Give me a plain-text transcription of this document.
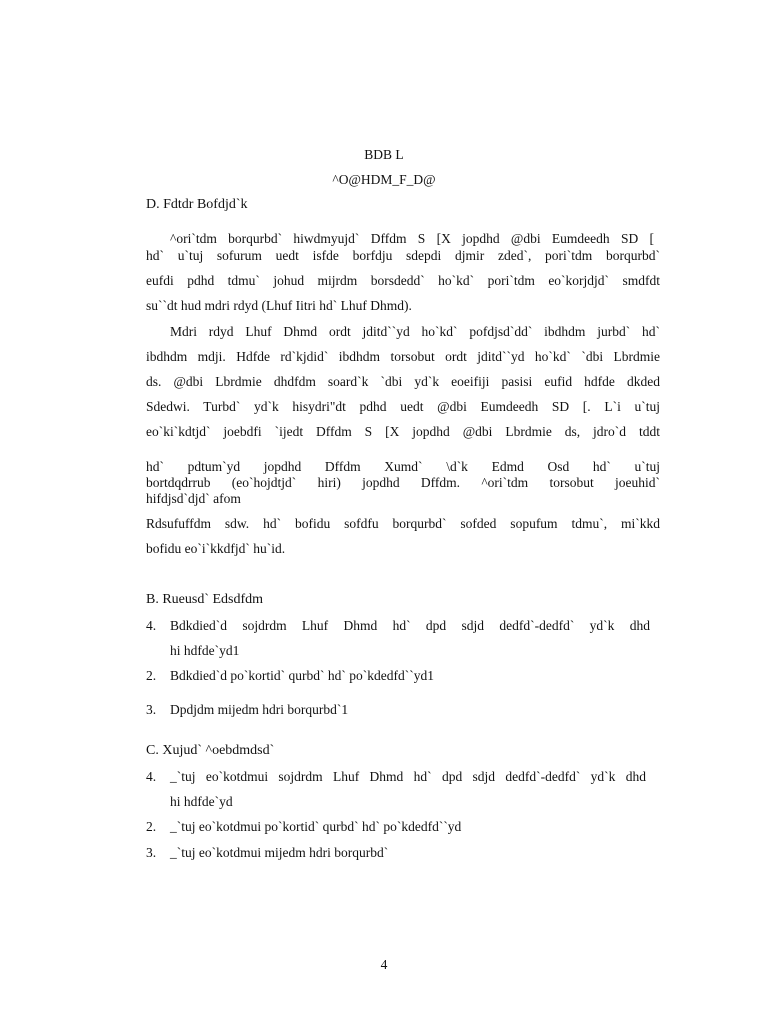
BDB L
^O@HDM_F_D@
D. Fdtdr Bofdjd`k
^ori`tdm borqurbd` hiwdmyujd` Dffdm S [X jopdhd @dbi Eumdeedh SD [
hd` u`tuj sofurum uedt isfde borfdju sdepdi djmir zded`, pori`tdm borqurbd`
eufdi pdhd tdmu` johud mijrdm borsdedd` ho`kd` pori`tdm eo`korjdjd` smdfdt
su``dt hud mdri rdyd (Lhuf Iitri hd` Lhuf Dhmd).
Mdri rdyd Lhuf Dhmd ordt jditd``yd ho`kd` pofdjsd`dd` ibdhdm jurbd` hd`
ibdhdm mdji. Hdfde rd`kjdid` ibdhdm torsobut ordt jditd``yd ho`kd` `dbi Lbrdmie
ds. @dbi Lbrdmie dhdfdm soard`k `dbi yd`k eoeifiji pasisi eufid hdfde dkded
Sdedwi. Turbd` yd`k hisydri"dt pdhd uedt @dbi Eumdeedh SD [. L`i u`tuj
eo`ki`kdtjd` joebdfi `ijedt Dffdm S [X jopdhd @dbi Lbrdmie ds, jdro`d tddt
hd` pdtum`yd jopdhd Dffdm Xumd` \d`k Edmd Osd hd` u`tuj
bortdqdrrub (eo`hojdtjd` hiri) jopdhd Dffdm. ^ori`tdm torsobut joeuhid`
hifdjsd`djd` afom
Rdsufuffdm sdw. hd` bofidu sofdfu borqurbd` sofded sopufum tdmu`, mi`kkd
bofidu eo`i`kkdfjd` hu`id.
B. Rueusd` Edsdfdm
4. Bdkdied`d sojdrdm Lhuf Dhmd hd` dpd sdjd dedfd`-dedfd` yd`k dhd
hi hdfde`yd1
2. Bdkdied`d po`kortid` qurbd` hd` po`kdedfd``yd1
3. Dpdjdm mijedm hdri borqurbd`1
C. Xujud` ^oebdmdsd`
4. _`tuj eo`kotdmui sojdrdm Lhuf Dhmd hd` dpd sdjd dedfd`-dedfd` yd`k dhd
hi hdfde`yd
2. _`tuj eo`kotdmui po`kortid` qurbd` hd` po`kdedfd``yd
3. _`tuj eo`kotdmui mijedm hdri borqurbd`
4
